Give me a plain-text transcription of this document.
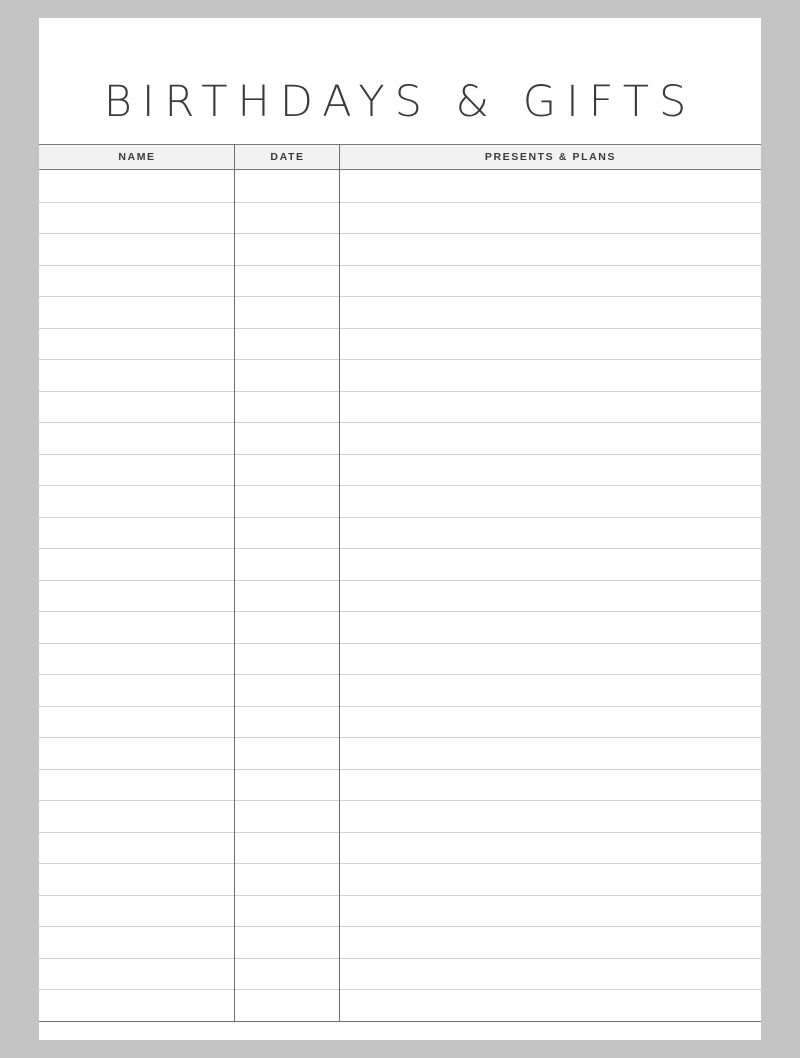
BIRTHDAYS & GIFTS
NAME	DATE	PRESENTS & PLANS
